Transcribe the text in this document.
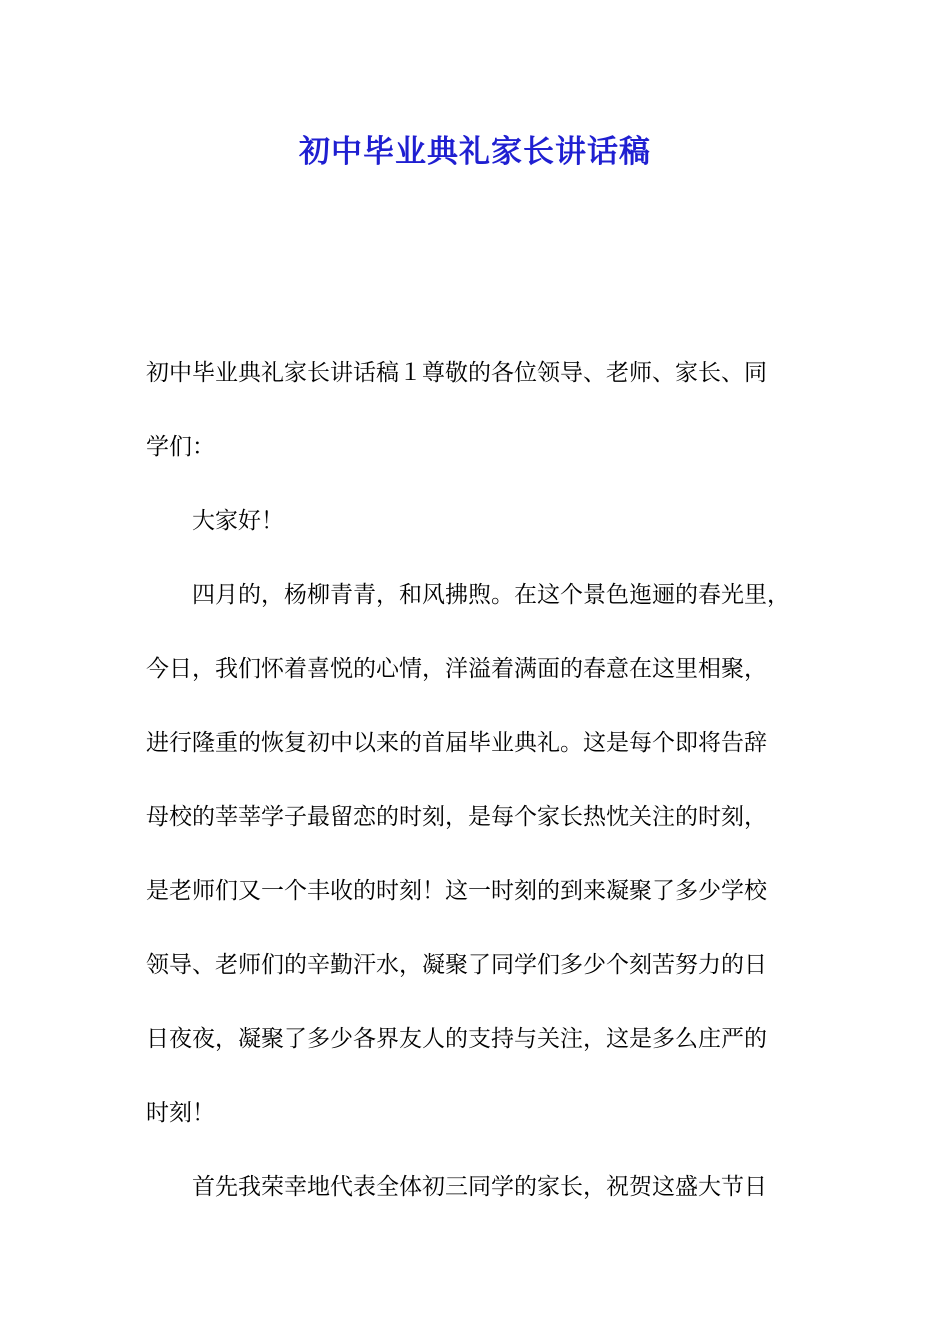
初中毕业典礼家长讲话稿
初中毕业典礼家长讲话稿１尊敬的各位领导、老师、家长、同
学们：
大家好！
四月的，杨柳青青，和风拂煦。在这个景色迤逦的春光里，
今日，我们怀着喜悦的心情，洋溢着满面的春意在这里相聚，
进行隆重的恢复初中以来的首届毕业典礼。这是每个即将告辞
母校的莘莘学子最留恋的时刻，是每个家长热忱关注的时刻，
是老师们又一个丰收的时刻！这一时刻的到来凝聚了多少学校
领导、老师们的辛勤汗水，凝聚了同学们多少个刻苦努力的日
日夜夜，凝聚了多少各界友人的支持与关注，这是多么庄严的
时刻！
首先我荣幸地代表全体初三同学的家长，祝贺这盛大节日
